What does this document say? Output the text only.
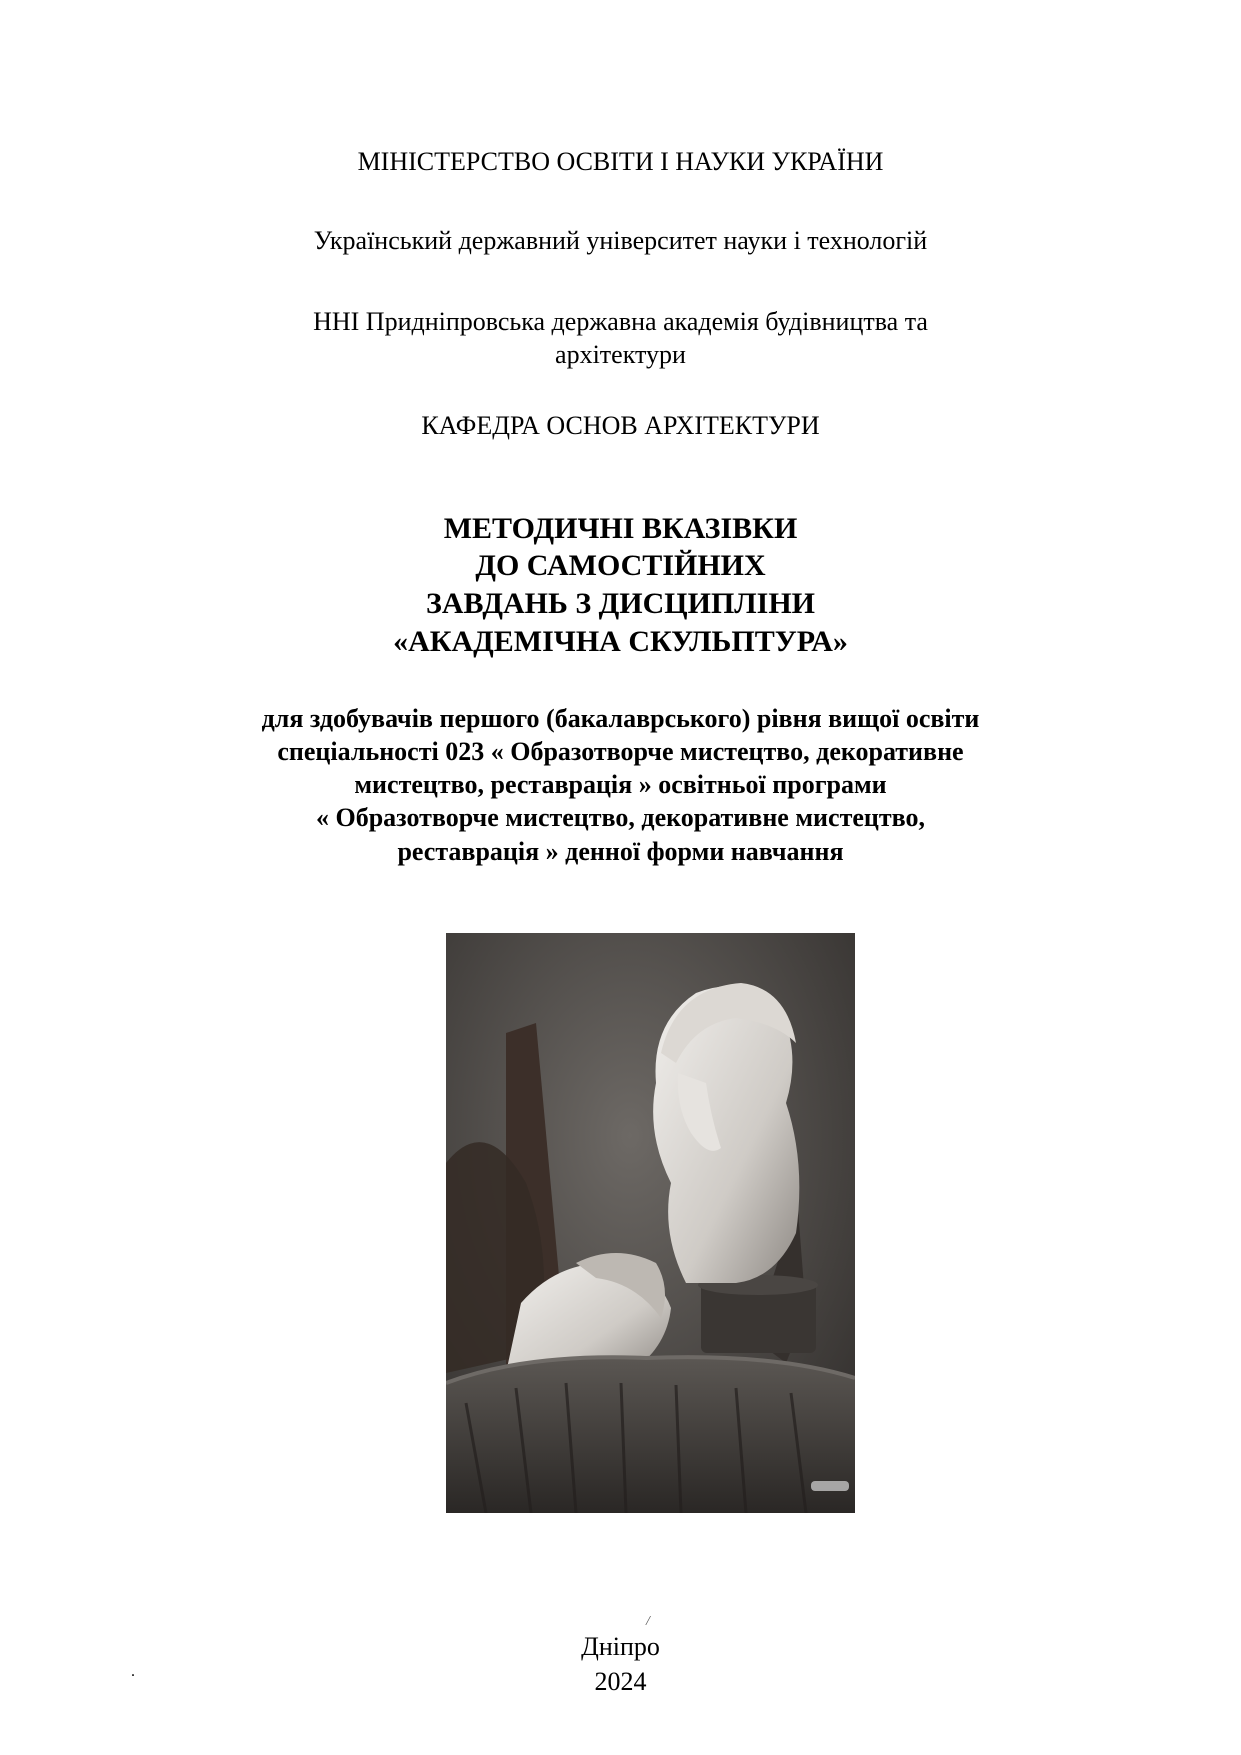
МІНІСТЕРСТВО ОСВІТИ І НАУКИ УКРАЇНИ
Український державний університет науки і технологій
ННІ Придніпровська державна академія будівництва та
архітектури
КАФЕДРА ОСНОВ АРХІТЕКТУРИ
МЕТОДИЧНІ ВКАЗІВКИ
ДО САМОСТІЙНИХ
ЗАВДАНЬ З ДИСЦИПЛІНИ
«АКАДЕМІЧНА СКУЛЬПТУРА»
для здобувачів першого (бакалаврського) рівня вищої освіти
спеціальності 023 « Образотворче мистецтво, декоративне
мистецтво, реставрація » освітньої програми
« Образотворче мистецтво, декоративне мистецтво,
реставрація » денної форми навчання
/
Дніпро
2024
.
